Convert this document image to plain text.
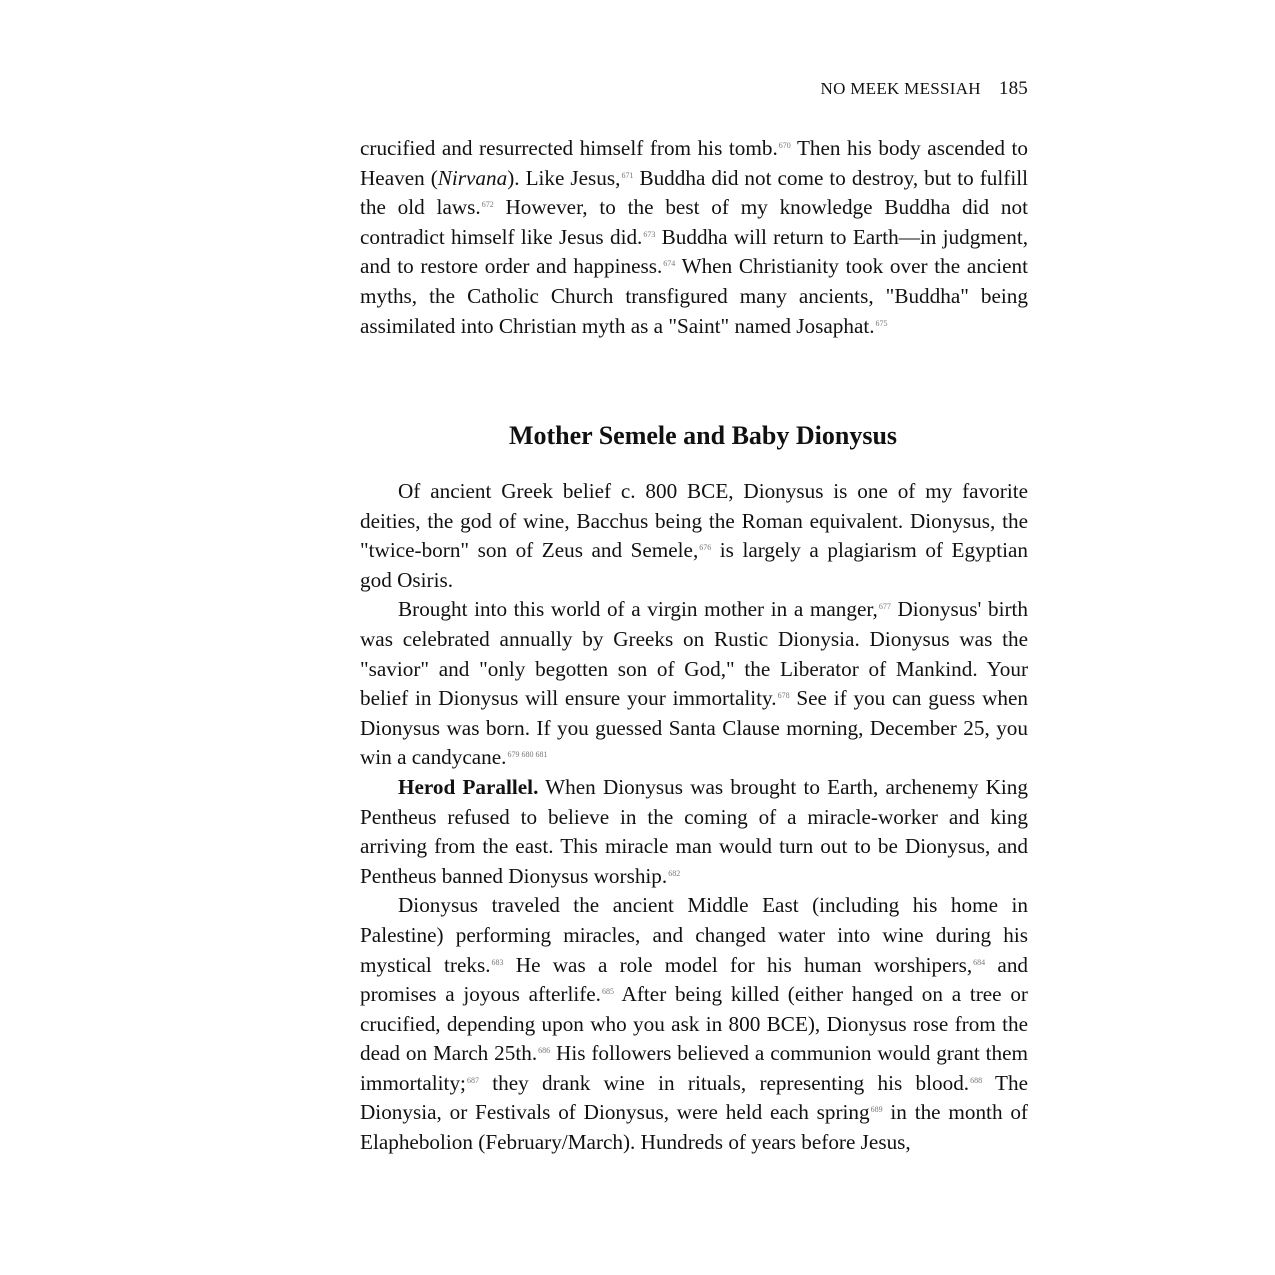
NO MEEK MESSIAH 185

crucified and resurrected himself from his tomb.$^{670}$ Then his body ascended to Heaven (Nirvana). Like Jesus,$^{671}$ Buddha did not come to destroy, but to fulfill the old laws.$^{672}$ However, to the best of my knowledge Buddha did not contradict himself like Jesus did.$^{673}$ Buddha will return to Earth—in judgment, and to restore order and happiness.$^{674}$ When Christianity took over the ancient myths, the Catholic Church transfigured many ancients, "Buddha" being assimilated into Christian myth as a "Saint" named Josaphat.$^{675}$

Mother Semele and Baby Dionysus

Of ancient Greek belief c. 800 BCE, Dionysus is one of my favorite deities, the god of wine, Bacchus being the Roman equivalent. Dionysus, the "twice-born" son of Zeus and Semele,$^{676}$ is largely a plagiarism of Egyptian god Osiris.

Brought into this world of a virgin mother in a manger,$^{677}$ Dionysus' birth was celebrated annually by Greeks on Rustic Dionysia. Dionysus was the "savior" and "only begotten son of God," the Liberator of Mankind. Your belief in Dionysus will ensure your immortality.$^{678}$ See if you can guess when Dionysus was born. If you guessed Santa Clause morning, December 25, you win a candycane.$^{679 680 681}$

Herod Parallel. When Dionysus was brought to Earth, archenemy King Pentheus refused to believe in the coming of a miracle-worker and king arriving from the east. This miracle man would turn out to be Dionysus, and Pentheus banned Dionysus worship.$^{682}$

Dionysus traveled the ancient Middle East (including his home in Palestine) performing miracles, and changed water into wine during his mystical treks.$^{683}$ He was a role model for his human worshipers,$^{684}$ and promises a joyous afterlife.$^{685}$ After being killed (either hanged on a tree or crucified, depending upon who you ask in 800 BCE), Dionysus rose from the dead on March 25th.$^{686}$ His followers believed a communion would grant them immortality;$^{687}$ they drank wine in rituals, representing his blood.$^{688}$ The Dionysia, or Festivals of Dionysus, were held each spring$^{689}$ in the month of Elaphebolion (February/March). Hundreds of years before Jesus,
